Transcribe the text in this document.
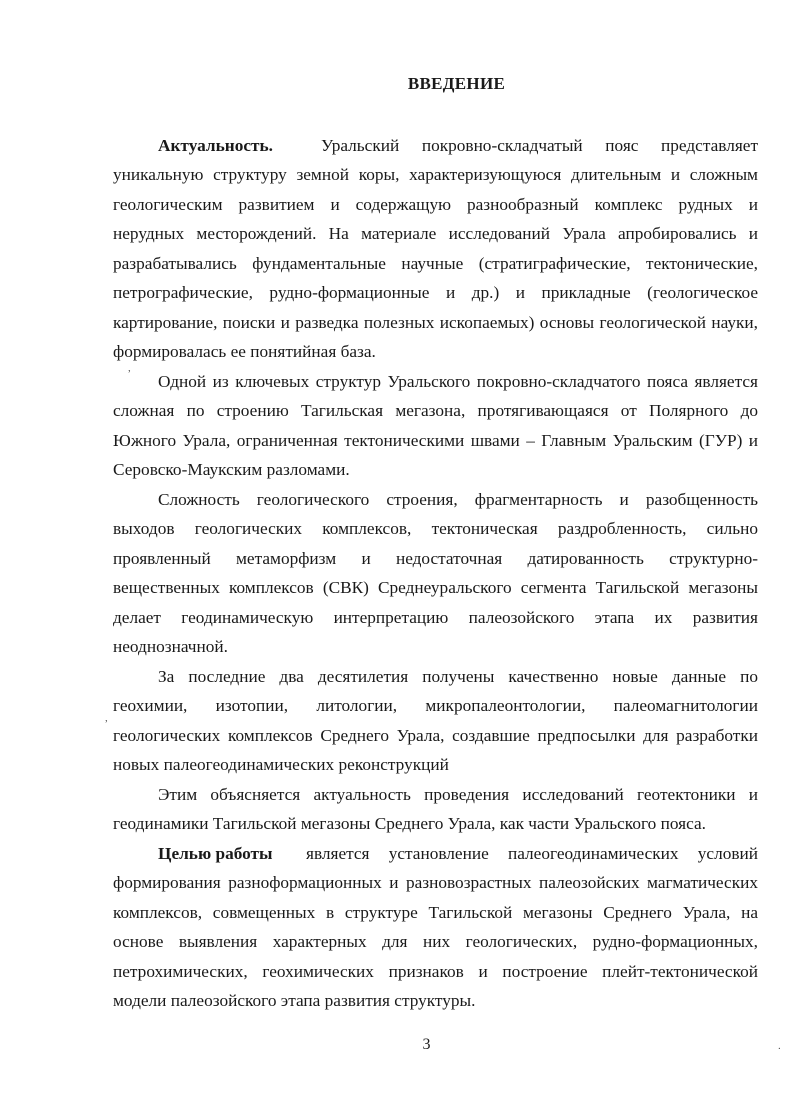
ВВЕДЕНИЕ
Актуальность.	Уральский покровно-складчатый пояс представляет
уникальную структуру земной коры, характеризующуюся длительным и сложным
геологическим развитием и содержащую разнообразный комплекс рудных и
нерудных месторождений. На материале исследований Урала апробировались и
разрабатывались фундаментальные научные (стратиграфические, тектонические,
петрографические, рудно-формационные и др.) и прикладные (геологическое
картирование, поиски и разведка полезных ископаемых) основы геологической науки,
формировалась ее понятийная база.
Одной из ключевых структур Уральского покровно-складчатого пояса является
сложная по строению Тагильская мегазона, протягивающаяся от Полярного до
Южного Урала, ограниченная тектоническими швами – Главным Уральским (ГУР) и
Серовско-Маукским разломами.
Сложность геологического строения, фрагментарность и разобщенность
выходов геологических комплексов, тектоническая раздробленность, сильно
проявленный метаморфизм и недостаточная датированность структурно-
вещественных комплексов (СВК) Среднеуральского сегмента Тагильской мегазоны
делает геодинамическую интерпретацию палеозойского этапа их развития
неоднозначной.
За последние два десятилетия получены качественно новые данные по
геохимии, изотопии, литологии, микропалеонтологии, палеомагнитологии
геологических комплексов Среднего Урала, создавшие предпосылки для разработки
новых палеогеодинамических реконструкций
Этим объясняется актуальность проведения исследований геотектоники и
геодинамики Тагильской мегазоны Среднего Урала, как части Уральского пояса.
Целью работы является установление палеогеодинамических условий
формирования разноформационных и разновозрастных палеозойских магматических
комплексов, совмещенных в структуре Тагильской мегазоны Среднего Урала, на
основе выявления характерных для них геологических, рудно-формационных,
петрохимических, геохимических признаков и построение плейт-тектонической
модели палеозойского этапа развития структуры.
3
,
,
.
